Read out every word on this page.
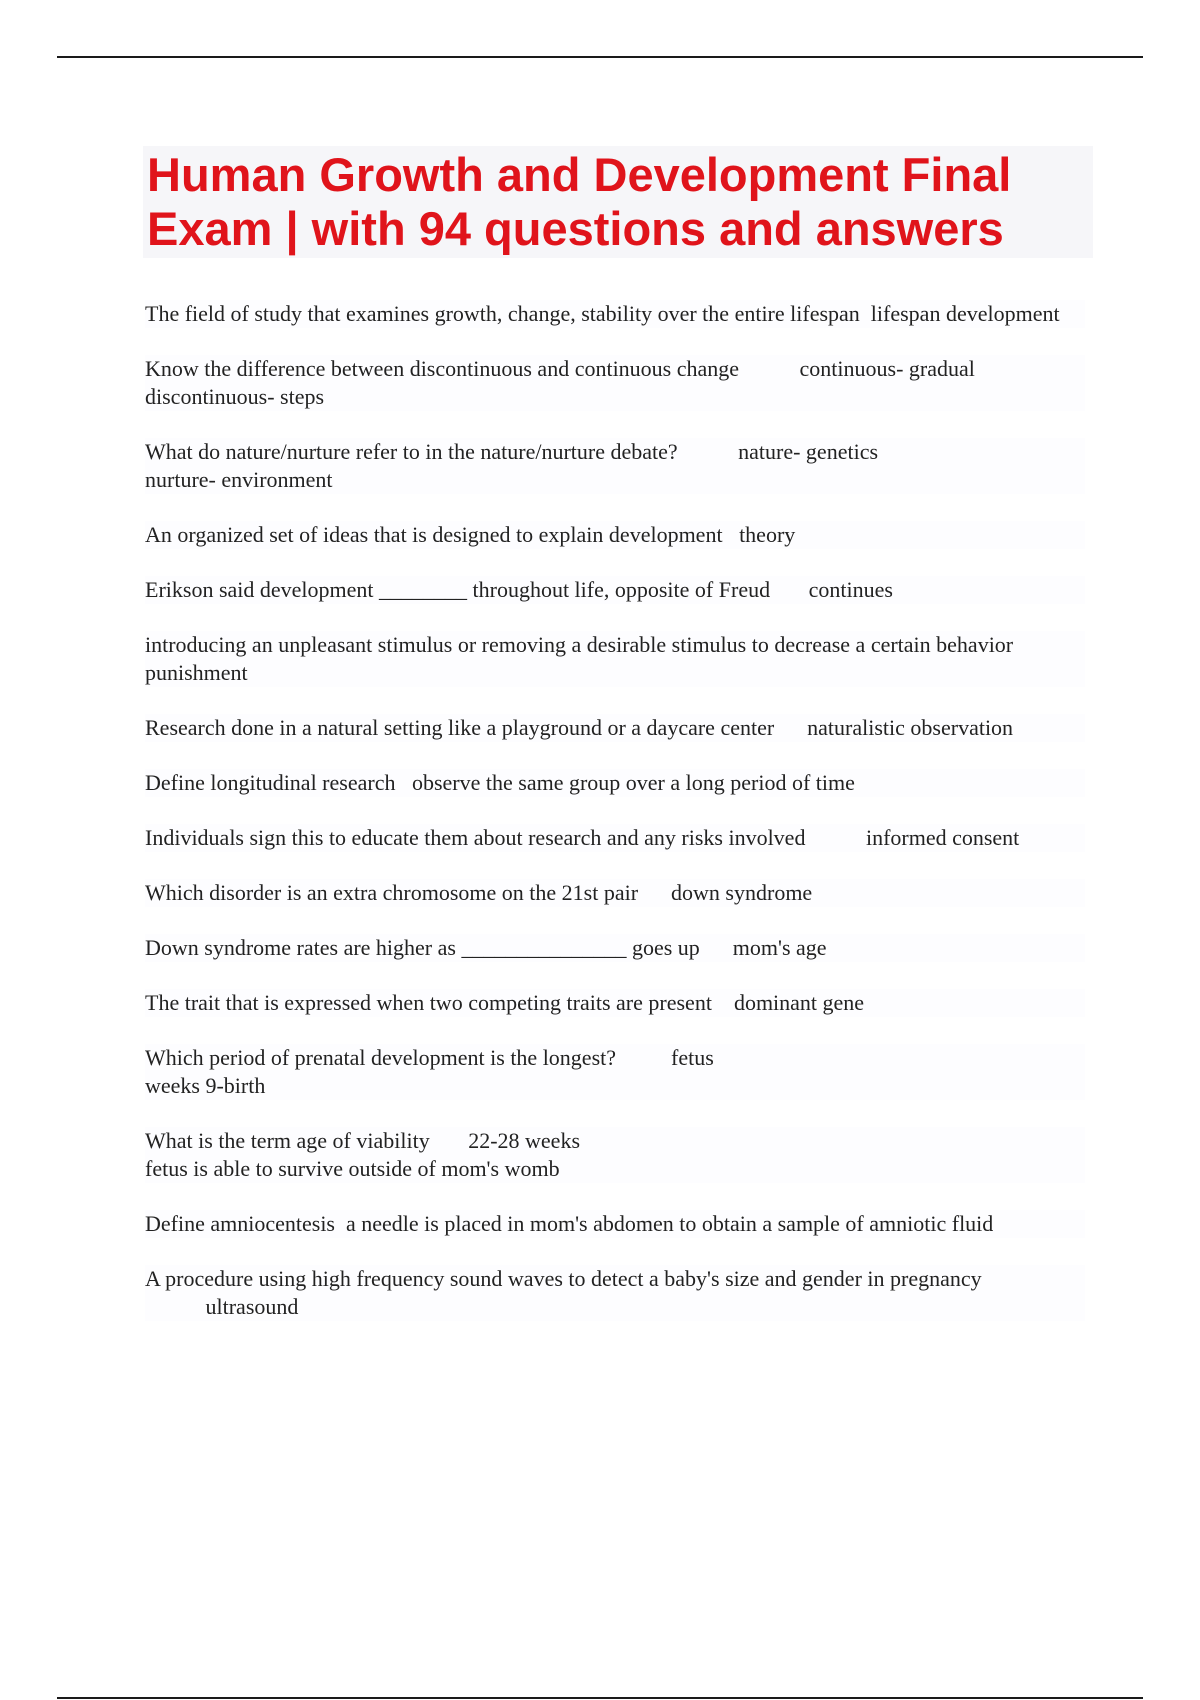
Human Growth and Development Final Exam | with 94 questions and answers

The field of study that examines growth, change, stability over the entire lifespan lifespan development

Know the difference between discontinuous and continuous change	continuous- gradual
discontinuous- steps

What do nature/nurture refer to in the nature/nurture debate?	nature- genetics
nurture- environment

An organized set of ideas that is designed to explain development theory

Erikson said development ________ throughout life, opposite of Freud continues

introducing an unpleasant stimulus or removing a desirable stimulus to decrease a certain behavior          punishment

Research done in a natural setting like a playground or a daycare center naturalistic observation

Define longitudinal research observe the same group over a long period of time

Individuals sign this to educate them about research and any risks involved	informed consent

Which disorder is an extra chromosome on the 21st pair down syndrome

Down syndrome rates are higher as _______________ goes up mom's age

The trait that is expressed when two competing traits are present dominant gene

Which period of prenatal development is the longest?	fetus
weeks 9-birth

What is the term age of viability 22-28 weeks
fetus is able to survive outside of mom's womb

Define amniocentesis a needle is placed in mom's abdomen to obtain a sample of amniotic fluid

A procedure using high frequency sound waves to detect a baby's size and gender in pregnancy
ultrasound
